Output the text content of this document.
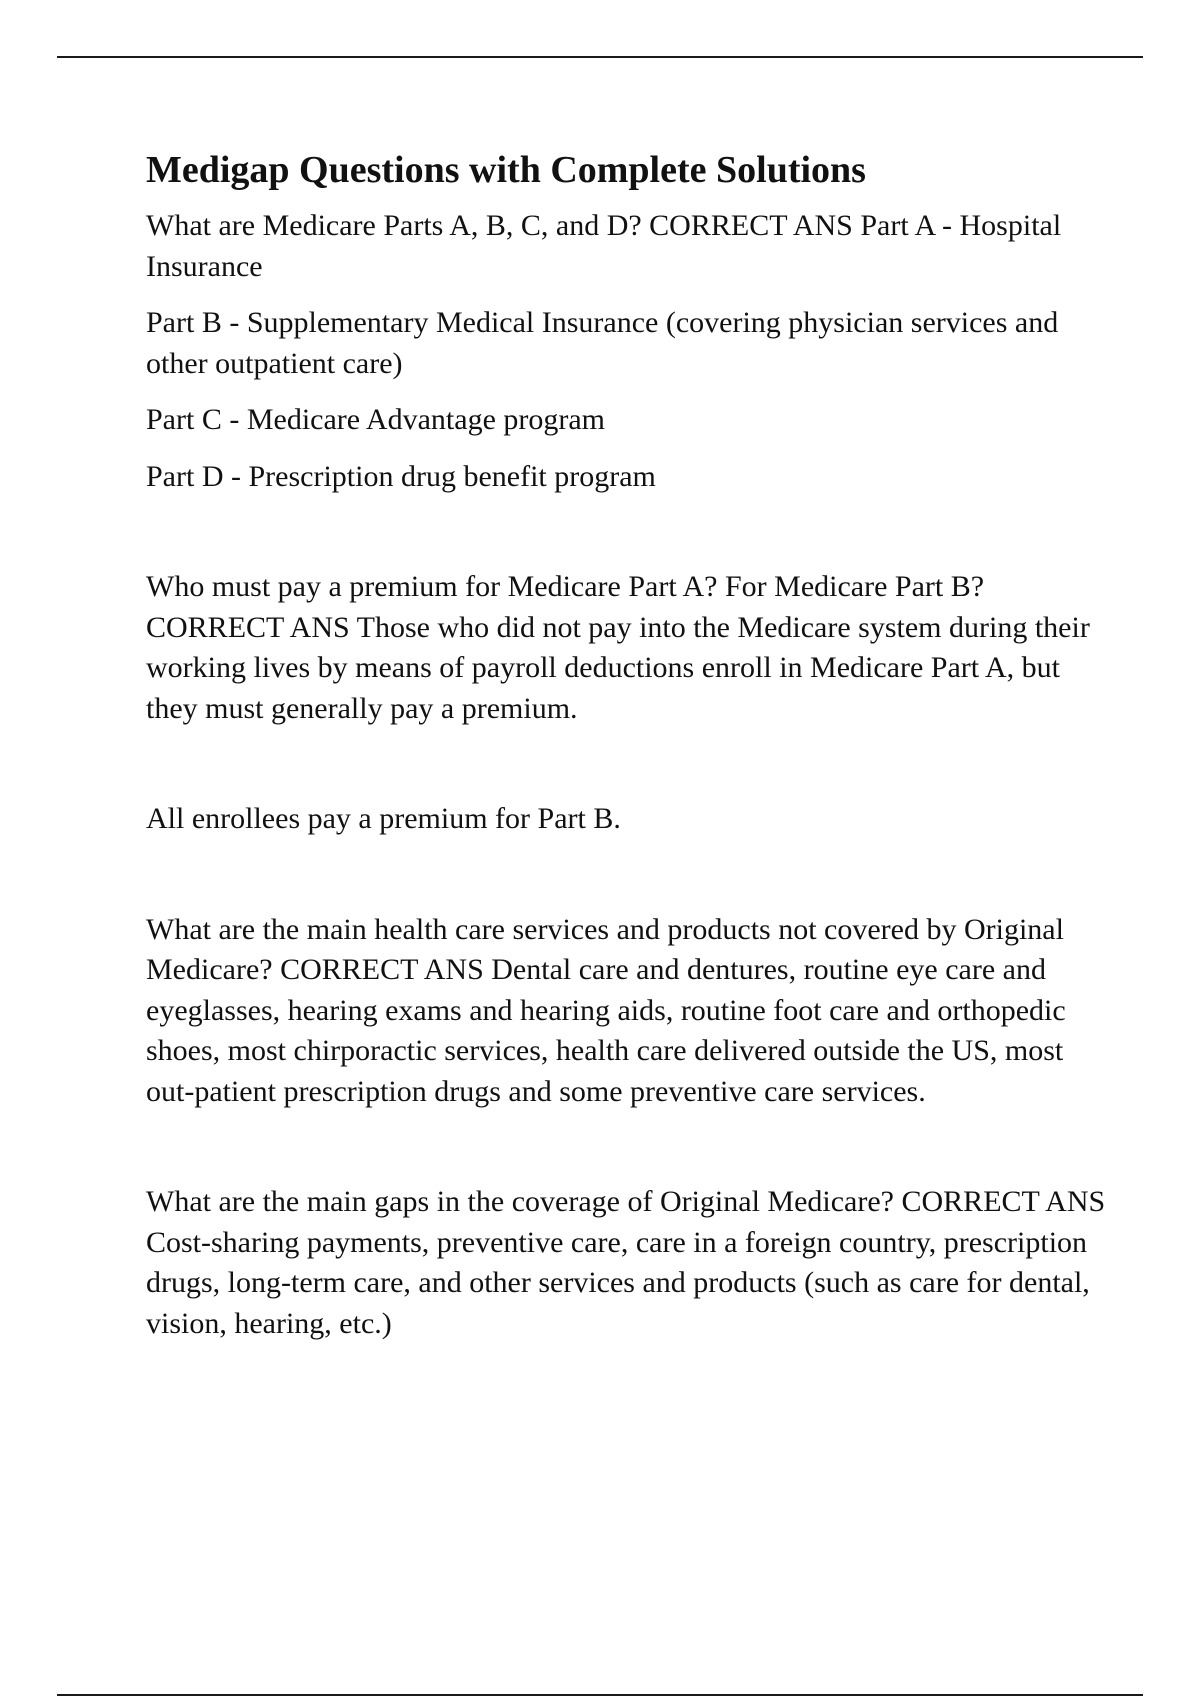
Medigap Questions with Complete Solutions

What are Medicare Parts A, B, C, and D? CORRECT ANS Part A - Hospital Insurance

Part B - Supplementary Medical Insurance (covering physician services and other outpatient care)

Part C - Medicare Advantage program

Part D - Prescription drug benefit program

Who must pay a premium for Medicare Part A? For Medicare Part B? CORRECT ANS Those who did not pay into the Medicare system during their working lives by means of payroll deductions enroll in Medicare Part A, but they must generally pay a premium.

All enrollees pay a premium for Part B.

What are the main health care services and products not covered by Original Medicare? CORRECT ANS Dental care and dentures, routine eye care and eyeglasses, hearing exams and hearing aids, routine foot care and orthopedic shoes, most chirporactic services, health care delivered outside the US, most out-patient prescription drugs and some preventive care services.

What are the main gaps in the coverage of Original Medicare? CORRECT ANS Cost-sharing payments, preventive care, care in a foreign country, prescription drugs, long-term care, and other services and products (such as care for dental, vision, hearing, etc.)
